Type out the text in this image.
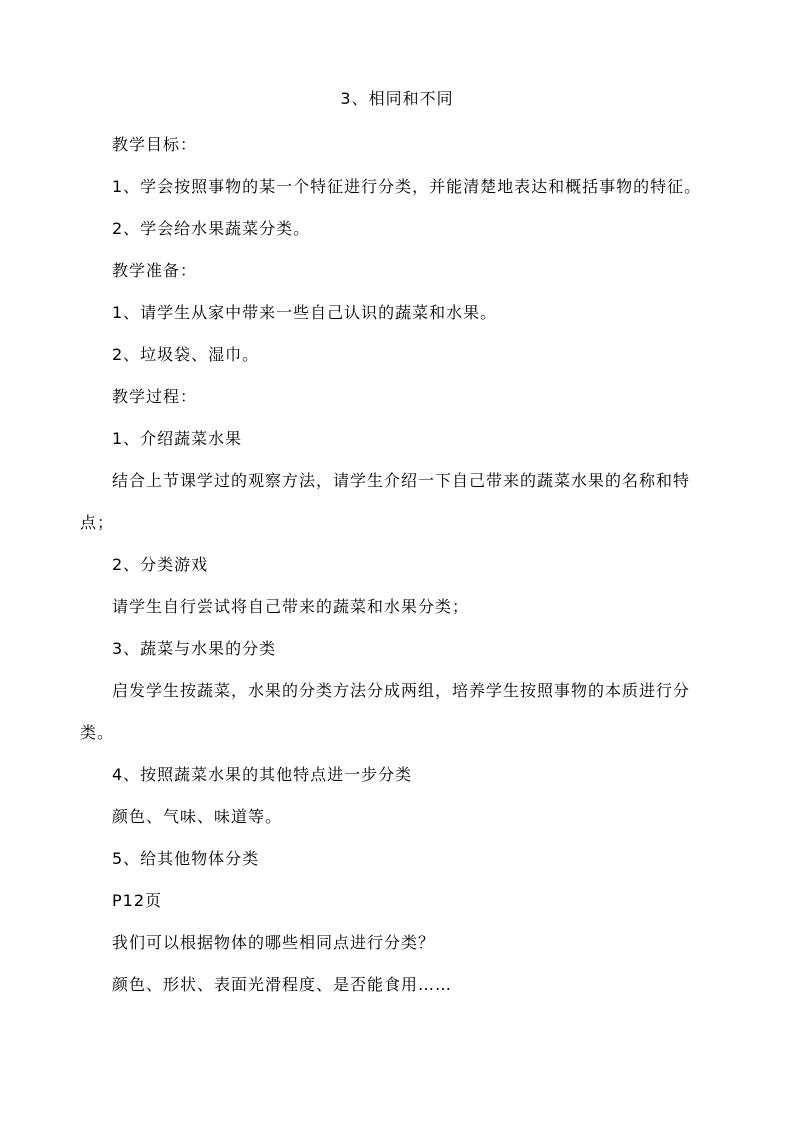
3、相同和不同

教学目标：

1、学会按照事物的某一个特征进行分类，并能清楚地表达和概括事物的特征。

2、学会给水果蔬菜分类。

教学准备：

1、请学生从家中带来一些自己认识的蔬菜和水果。

2、垃圾袋、湿巾。

教学过程：

1、介绍蔬菜水果

结合上节课学过的观察方法，请学生介绍一下自己带来的蔬菜水果的名称和特点；

2、分类游戏

请学生自行尝试将自己带来的蔬菜和水果分类；

3、蔬菜与水果的分类

启发学生按蔬菜，水果的分类方法分成两组，培养学生按照事物的本质进行分类。

4、按照蔬菜水果的其他特点进一步分类

颜色、气味、味道等。

5、给其他物体分类

P12页

我们可以根据物体的哪些相同点进行分类？

颜色、形状、表面光滑程度、是否能食用……
